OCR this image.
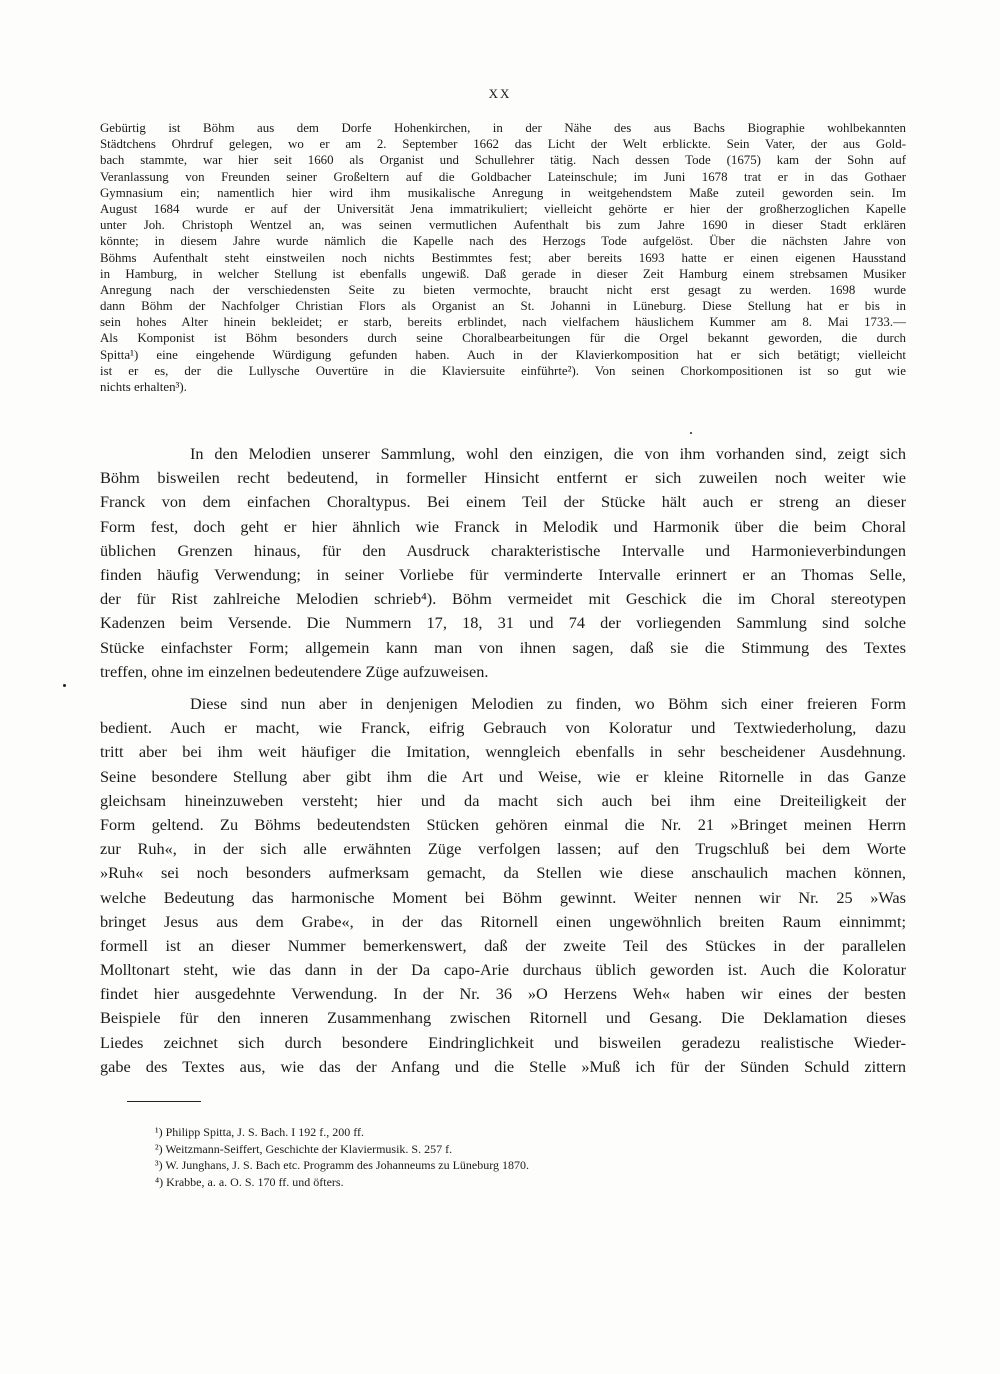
XX
Gebürtig ist Böhm aus dem Dorfe Hohenkirchen, in der Nähe des aus Bachs Biographie wohlbekannten
Städtchens Ohrdruf gelegen, wo er am 2. September 1662 das Licht der Welt erblickte. Sein Vater, der aus Gold-
bach stammte, war hier seit 1660 als Organist und Schullehrer tätig. Nach dessen Tode (1675) kam der Sohn auf
Veranlassung von Freunden seiner Großeltern auf die Goldbacher Lateinschule; im Juni 1678 trat er in das Gothaer
Gymnasium ein; namentlich hier wird ihm musikalische Anregung in weitgehendstem Maße zuteil geworden sein. Im
August 1684 wurde er auf der Universität Jena immatrikuliert; vielleicht gehörte er hier der großherzoglichen Kapelle
unter Joh. Christoph Wentzel an, was seinen vermutlichen Aufenthalt bis zum Jahre 1690 in dieser Stadt erklären
könnte; in diesem Jahre wurde nämlich die Kapelle nach des Herzogs Tode aufgelöst. Über die nächsten Jahre von
Böhms Aufenthalt steht einstweilen noch nichts Bestimmtes fest; aber bereits 1693 hatte er einen eigenen Hausstand
in Hamburg, in welcher Stellung ist ebenfalls ungewiß. Daß gerade in dieser Zeit Hamburg einem strebsamen Musiker
Anregung nach der verschiedensten Seite zu bieten vermochte, braucht nicht erst gesagt zu werden. 1698 wurde
dann Böhm der Nachfolger Christian Flors als Organist an St. Johanni in Lüneburg. Diese Stellung hat er bis in
sein hohes Alter hinein bekleidet; er starb, bereits erblindet, nach vielfachem häuslichem Kummer am 8. Mai 1733.—
Als Komponist ist Böhm besonders durch seine Choralbearbeitungen für die Orgel bekannt geworden, die durch
Spitta¹) eine eingehende Würdigung gefunden haben. Auch in der Klavierkomposition hat er sich betätigt; vielleicht
ist er es, der die Lullysche Ouvertüre in die Klaviersuite einführte²). Von seinen Chorkompositionen ist so gut wie
nichts erhalten³).
In den Melodien unserer Sammlung, wohl den einzigen, die von ihm vorhanden sind, zeigt sich
Böhm bisweilen recht bedeutend, in formeller Hinsicht entfernt er sich zuweilen noch weiter wie
Franck von dem einfachen Choraltypus. Bei einem Teil der Stücke hält auch er streng an dieser
Form fest, doch geht er hier ähnlich wie Franck in Melodik und Harmonik über die beim Choral
üblichen Grenzen hinaus, für den Ausdruck charakteristische Intervalle und Harmonieverbindungen
finden häufig Verwendung; in seiner Vorliebe für verminderte Intervalle erinnert er an Thomas Selle,
der für Rist zahlreiche Melodien schrieb⁴). Böhm vermeidet mit Geschick die im Choral stereotypen
Kadenzen beim Versende. Die Nummern 17, 18, 31 und 74 der vorliegenden Sammlung sind solche
Stücke einfachster Form; allgemein kann man von ihnen sagen, daß sie die Stimmung des Textes
treffen, ohne im einzelnen bedeutendere Züge aufzuweisen.
Diese sind nun aber in denjenigen Melodien zu finden, wo Böhm sich einer freieren Form
bedient. Auch er macht, wie Franck, eifrig Gebrauch von Koloratur und Textwiederholung, dazu
tritt aber bei ihm weit häufiger die Imitation, wenngleich ebenfalls in sehr bescheidener Ausdehnung.
Seine besondere Stellung aber gibt ihm die Art und Weise, wie er kleine Ritornelle in das Ganze
gleichsam hineinzuweben versteht; hier und da macht sich auch bei ihm eine Dreiteiligkeit der
Form geltend. Zu Böhms bedeutendsten Stücken gehören einmal die Nr. 21 »Bringet meinen Herrn
zur Ruh«, in der sich alle erwähnten Züge verfolgen lassen; auf den Trugschluß bei dem Worte
»Ruh« sei noch besonders aufmerksam gemacht, da Stellen wie diese anschaulich machen können,
welche Bedeutung das harmonische Moment bei Böhm gewinnt. Weiter nennen wir Nr. 25 »Was
bringet Jesus aus dem Grabe«, in der das Ritornell einen ungewöhnlich breiten Raum einnimmt;
formell ist an dieser Nummer bemerkenswert, daß der zweite Teil des Stückes in der parallelen
Molltonart steht, wie das dann in der Da capo-Arie durchaus üblich geworden ist. Auch die Koloratur
findet hier ausgedehnte Verwendung. In der Nr. 36 »O Herzens Weh« haben wir eines der besten
Beispiele für den inneren Zusammenhang zwischen Ritornell und Gesang. Die Deklamation dieses
Liedes zeichnet sich durch besondere Eindringlichkeit und bisweilen geradezu realistische Wieder-
gabe des Textes aus, wie das der Anfang und die Stelle »Muß ich für der Sünden Schuld zittern
¹) Philipp Spitta, J. S. Bach. I 192 f., 200 ff.
²) Weitzmann-Seiffert, Geschichte der Klaviermusik. S. 257 f.
³) W. Junghans, J. S. Bach etc. Programm des Johanneums zu Lüneburg 1870.
⁴) Krabbe, a. a. O. S. 170 ff. und öfters.
